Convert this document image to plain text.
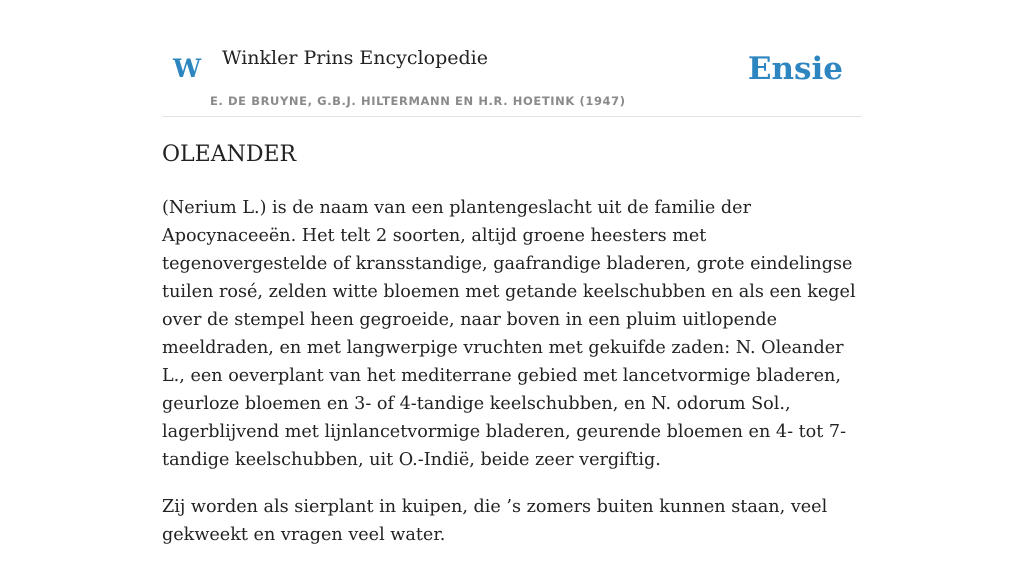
W Winkler Prins Encyclopedie
E. DE BRUYNE, G.B.J. HILTERMANN EN H.R. HOETINK (1947)
Ensie
OLEANDER

(Nerium L.) is de naam van een plantengeslacht uit de familie der Apocynaceeën. Het telt 2 soorten, altijd groene heesters met tegenovergestelde of kransstandige, gaafrandige bladeren, grote eindelingse tuilen rosé, zelden witte bloemen met getande keelschubben en als een kegel over de stempel heen gegroeide, naar boven in een pluim uitlopende meeldraden, en met langwerpige vruchten met gekuifde zaden: N. Oleander L., een oeverplant van het mediterrane gebied met lancetvormige bladeren, geurloze bloemen en 3- of 4-tandige keelschubben, en N. odorum Sol., lagerblijvend met lijnlancetvormige bladeren, geurende bloemen en 4- tot 7-tandige keelschubben, uit O.-Indië, beide zeer vergiftig.

Zij worden als sierplant in kuipen, die ’s zomers buiten kunnen staan, veel gekweekt en vragen veel water.
